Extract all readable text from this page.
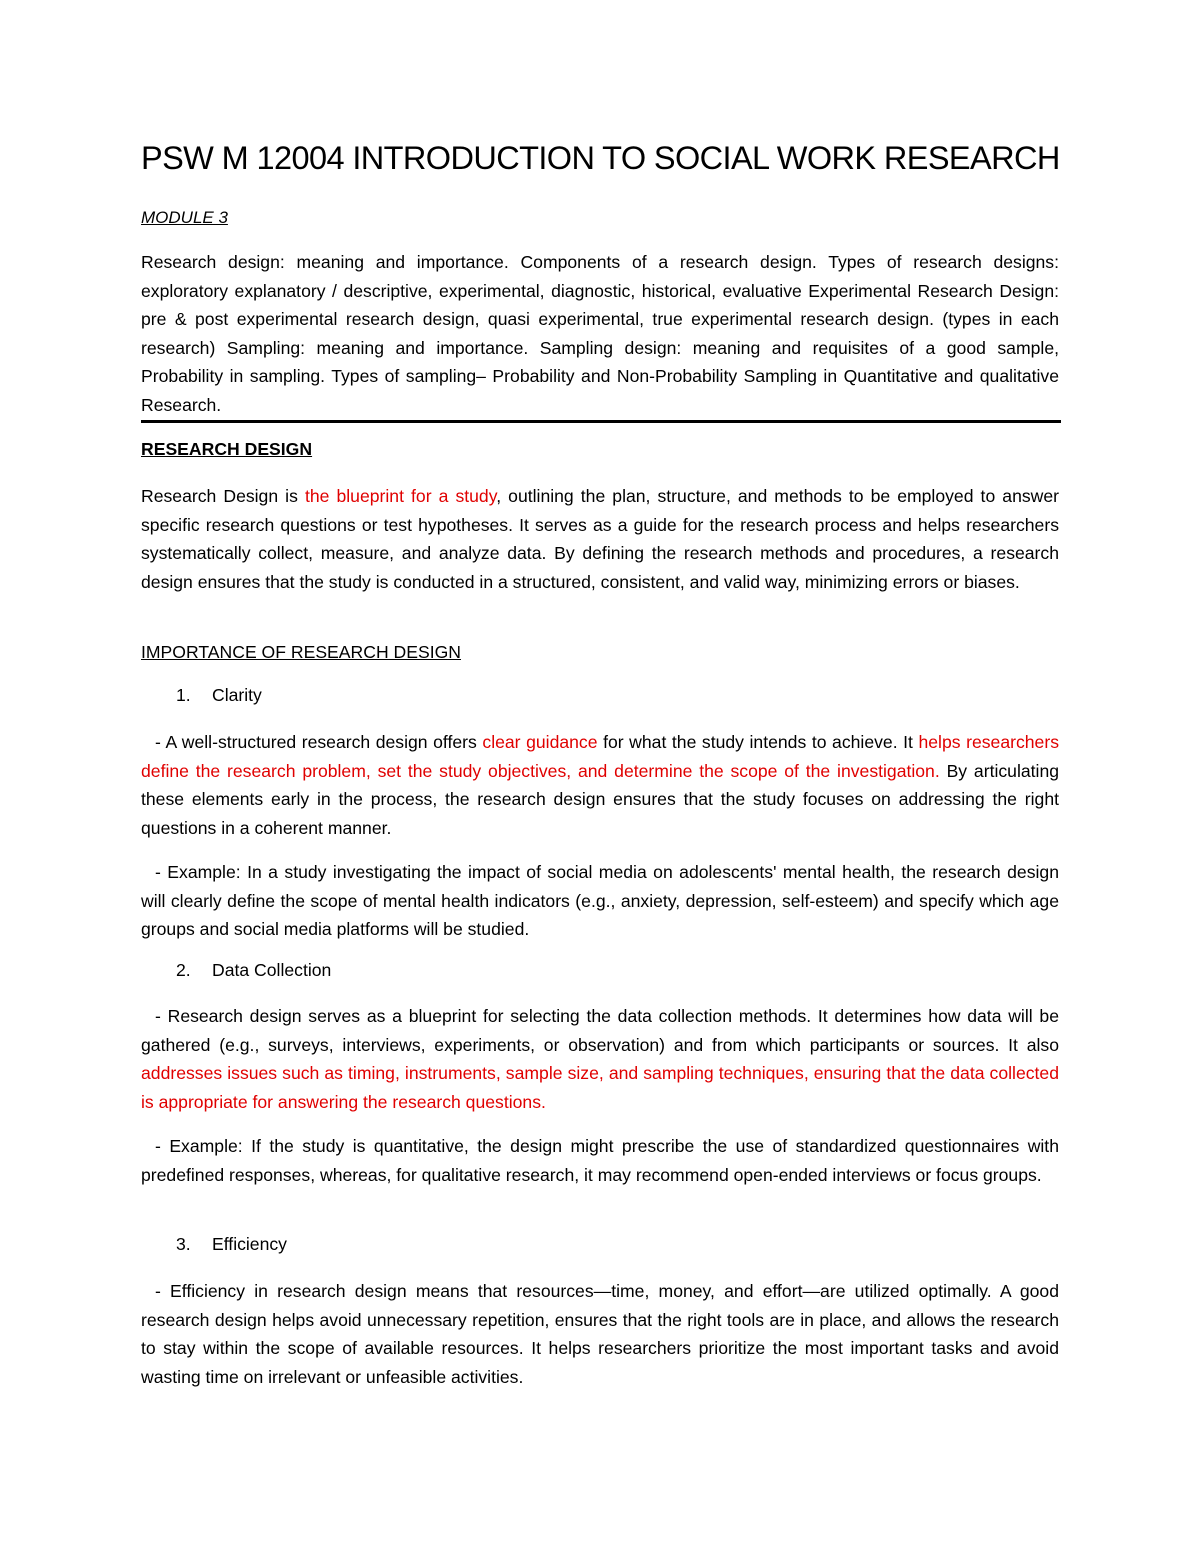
PSW M 12004 INTRODUCTION TO SOCIAL WORK RESEARCH
MODULE 3

Research design: meaning and importance. Components of a research design. Types of research designs: exploratory explanatory / descriptive, experimental, diagnostic, historical, evaluative Experimental Research Design: pre & post experimental research design, quasi experimental, true experimental research design. (types in each research) Sampling: meaning and importance. Sampling design: meaning and requisites of a good sample, Probability in sampling. Types of sampling– Probability and Non-Probability Sampling in Quantitative and qualitative Research.

RESEARCH DESIGN

Research Design is the blueprint for a study, outlining the plan, structure, and methods to be employed to answer specific research questions or test hypotheses. It serves as a guide for the research process and helps researchers systematically collect, measure, and analyze data. By defining the research methods and procedures, a research design ensures that the study is conducted in a structured, consistent, and valid way, minimizing errors or biases.

IMPORTANCE OF RESEARCH DESIGN
1. Clarity

- A well-structured research design offers clear guidance for what the study intends to achieve. It helps researchers define the research problem, set the study objectives, and determine the scope of the investigation. By articulating these elements early in the process, the research design ensures that the study focuses on addressing the right questions in a coherent manner.

- Example: In a study investigating the impact of social media on adolescents' mental health, the research design will clearly define the scope of mental health indicators (e.g., anxiety, depression, self-esteem) and specify which age groups and social media platforms will be studied.

2. Data Collection

- Research design serves as a blueprint for selecting the data collection methods. It determines how data will be gathered (e.g., surveys, interviews, experiments, or observation) and from which participants or sources. It also addresses issues such as timing, instruments, sample size, and sampling techniques, ensuring that the data collected is appropriate for answering the research questions.

- Example: If the study is quantitative, the design might prescribe the use of standardized questionnaires with predefined responses, whereas, for qualitative research, it may recommend open-ended interviews or focus groups.

3. Efficiency

- Efficiency in research design means that resources—time, money, and effort—are utilized optimally. A good research design helps avoid unnecessary repetition, ensures that the right tools are in place, and allows the research to stay within the scope of available resources. It helps researchers prioritize the most important tasks and avoid wasting time on irrelevant or unfeasible activities.
